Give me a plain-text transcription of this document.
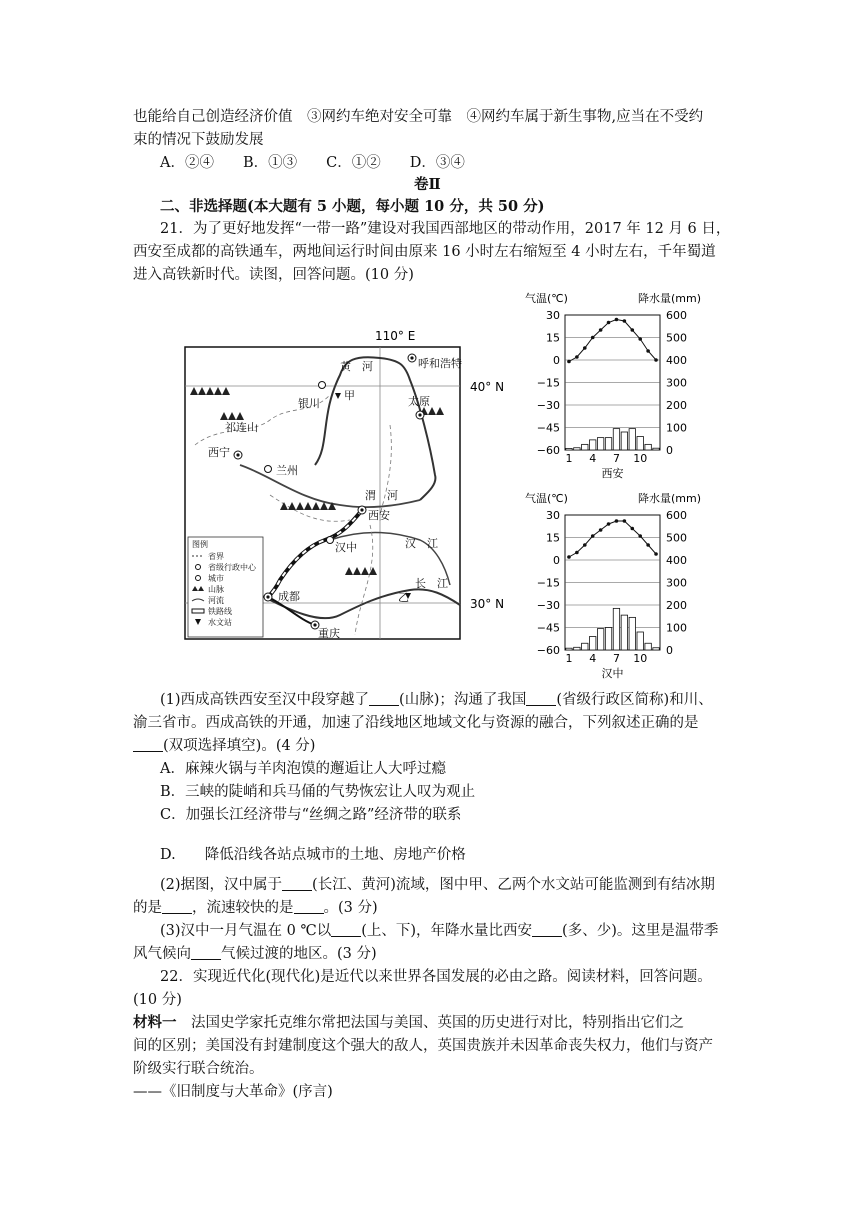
也能给自己创造经济价值　③网约车绝对安全可靠　④网约车属于新生事物,应当在不受约
束的情况下鼓励发展
A．②④　　B．①③　　C．①②　　D．③④
卷Ⅱ
二、非选择题(本大题有 5 小题，每小题 10 分，共 50 分)
21．为了更好地发挥“一带一路”建设对我国西部地区的带动作用，2017 年 12 月 6 日，
西安至成都的高铁通车，两地间运行时间由原来 16 小时左右缩短至 4 小时左右，千年蜀道
进入高铁新时代。读图，回答问题。(10 分)
110° E
40° N
30° N
呼和浩特
黄　河
银川
甲	太原
祁连山
西宁
兰州
渭　河
西安
汉中	汉　江
成都	乙
长　江
重庆
图例
省界
省级行政中心
城市
山脉
河流
铁路线
水文站
气温(℃)	降水量(mm)
30	600
15	500
0	400
−15	300
−30	200
−45	100
−60	0
1 4 7 10
西安
气温(℃)	降水量(mm)
30	600
15	500
0	400
−15	300
−30	200
−45	100
−60	0
1 4 7 10
汉中
(1)西成高铁西安至汉中段穿越了 (山脉)；沟通了我国 (省级行政区简称)和川、
渝三省市。西成高铁的开通，加速了沿线地区地域文化与资源的融合，下列叙述正确的是
(双项选择填空)。(4 分)
A．麻辣火锅与羊肉泡馍的邂逅让人大呼过瘾
B．三峡的陡峭和兵马俑的气势恢宏让人叹为观止
C．加强长江经济带与“丝绸之路”经济带的联系
D.　　降低沿线各站点城市的土地、房地产价格
(2)据图，汉中属于 (长江、黄河)流域，图中甲、乙两个水文站可能监测到有结冰期
的是 ，流速较快的是 。(3 分)
(3)汉中一月气温在 0 ℃以 (上、下)，年降水量比西安 (多、少)。这里是温带季
风气候向 气候过渡的地区。(3 分)
22．实现近代化(现代化)是近代以来世界各国发展的必由之路。阅读材料，回答问题。
(10 分)
材料一　法国史学家托克维尔常把法国与美国、英国的历史进行对比，特别指出它们之
间的区别；美国没有封建制度这个强大的敌人，英国贵族并未因革命丧失权力，他们与资产
阶级实行联合统治。
——《旧制度与大革命》(序言)
